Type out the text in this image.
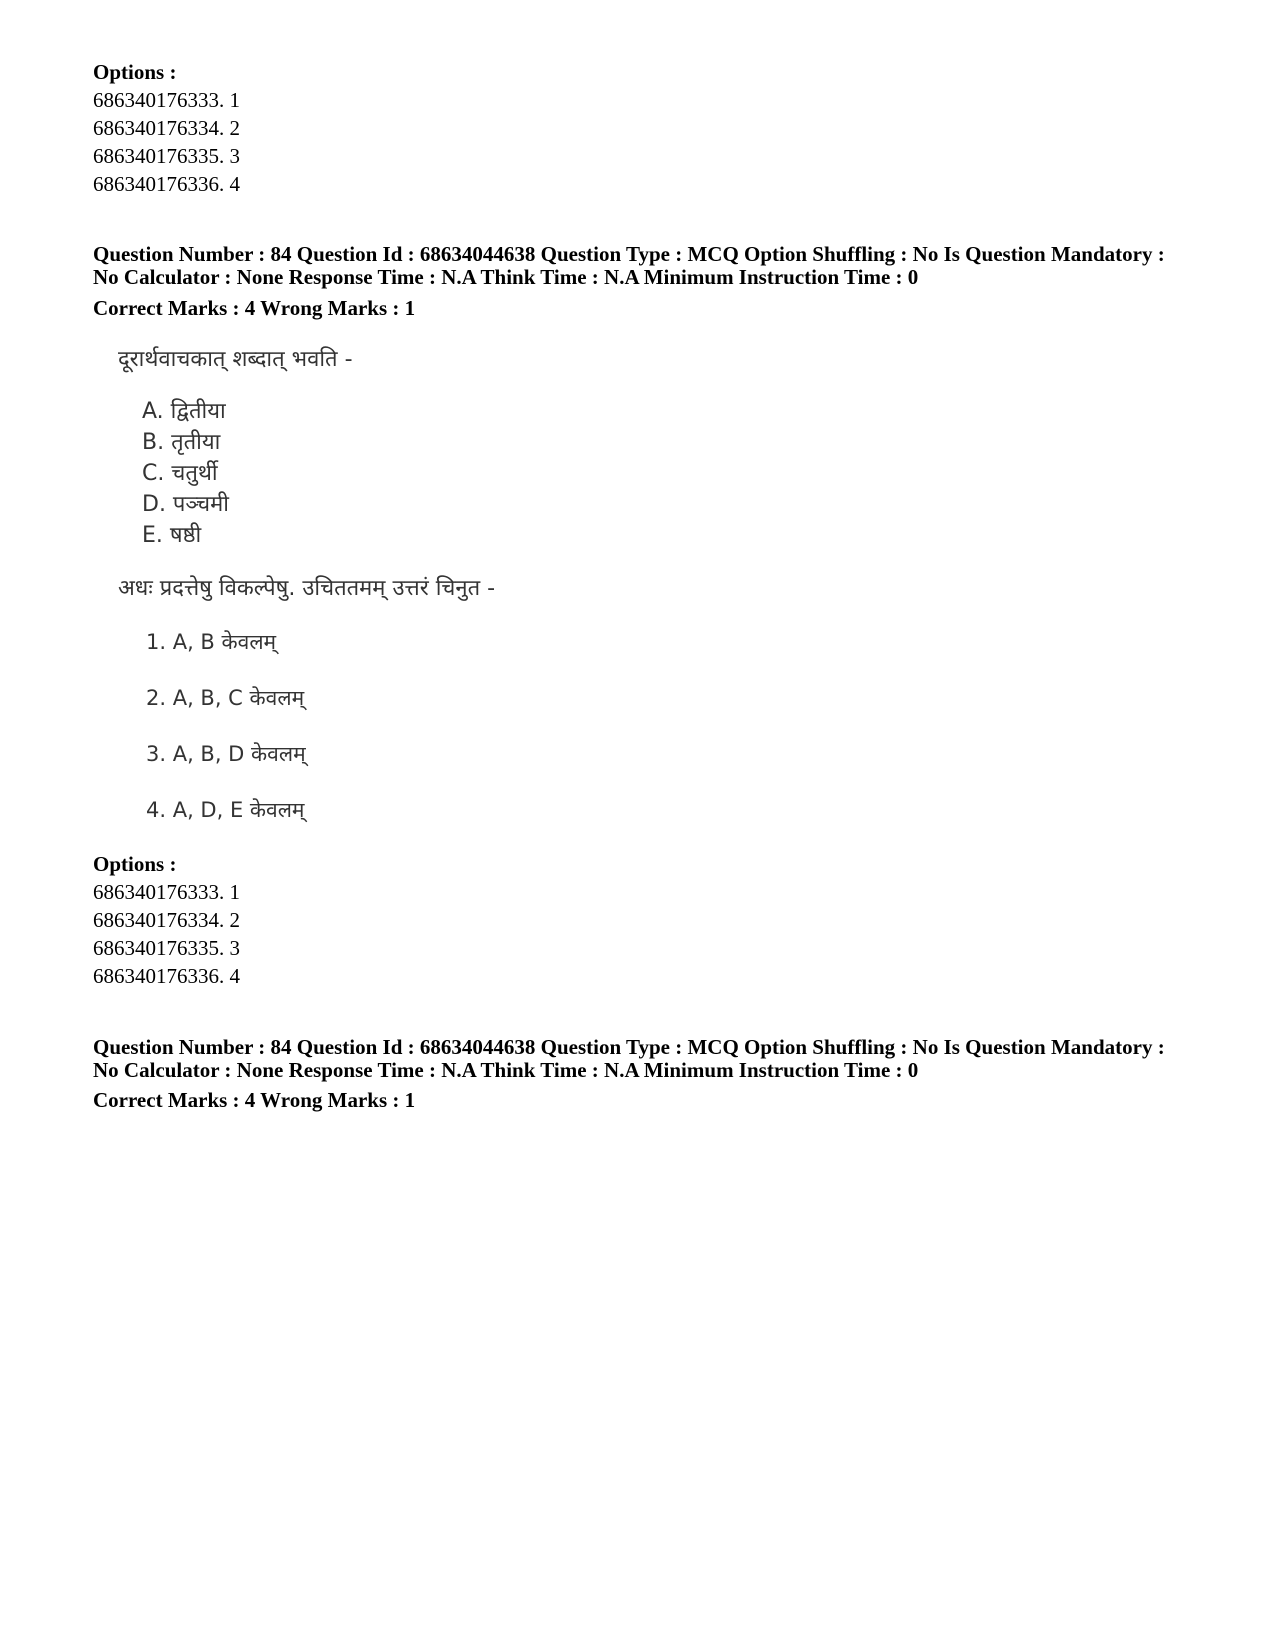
Options :
686340176333. 1
686340176334. 2
686340176335. 3
686340176336. 4
Question Number : 84 Question Id : 68634044638 Question Type : MCQ Option Shuffling : No Is Question Mandatory :
No Calculator : None Response Time : N.A Think Time : N.A Minimum Instruction Time : 0
Correct Marks : 4 Wrong Marks : 1
दूरार्थवाचकात् शब्दात् भवति -
A. द्वितीया
B. तृतीया
C. चतुर्थी
D. पञ्चमी
E. षष्ठी
अधः प्रदत्तेषु विकल्पेषु. उचिततमम् उत्तरं चिनुत -
1. A, B केवलम्
2. A, B, C केवलम्
3. A, B, D केवलम्
4. A, D, E केवलम्
Options :
686340176333. 1
686340176334. 2
686340176335. 3
686340176336. 4
Question Number : 84 Question Id : 68634044638 Question Type : MCQ Option Shuffling : No Is Question Mandatory :
No Calculator : None Response Time : N.A Think Time : N.A Minimum Instruction Time : 0
Correct Marks : 4 Wrong Marks : 1
